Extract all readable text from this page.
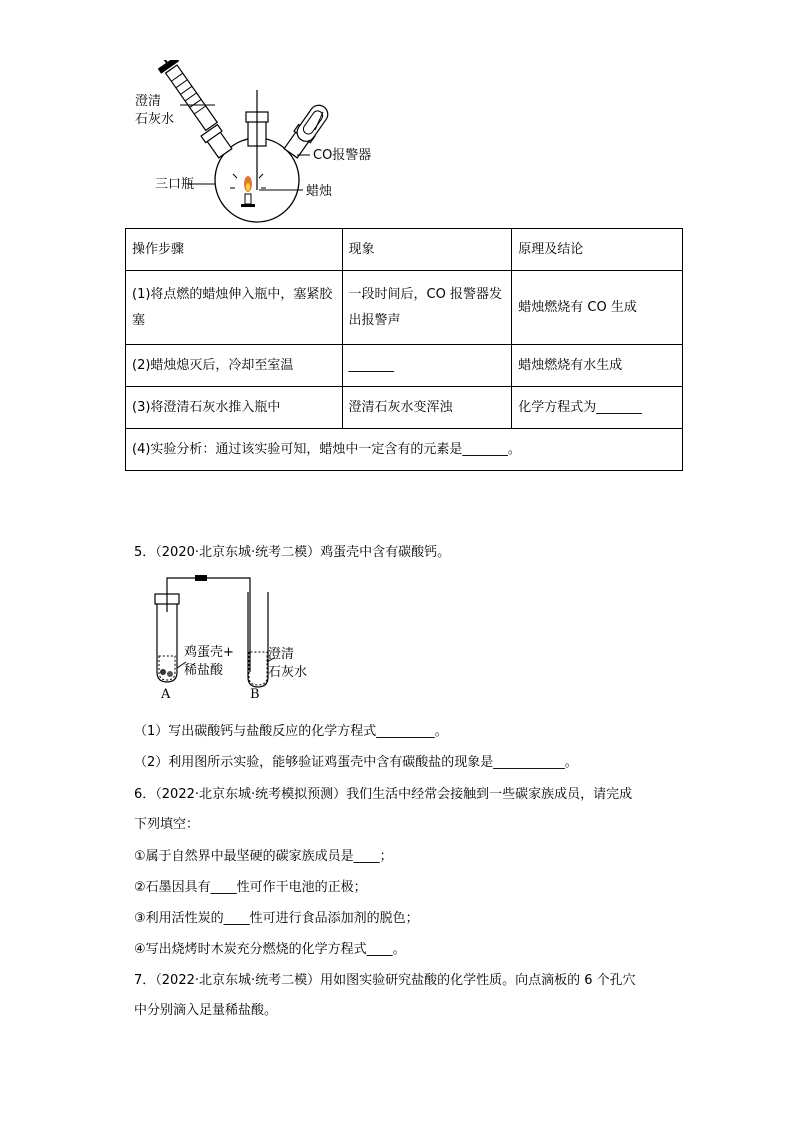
澄清
石灰水
CO报警器
三口瓶	蜡烛
操作步骤	现象	原理及结论
(1)将点燃的蜡烛伸入瓶中，塞紧胶塞	一段时间后，CO 报警器发出报警声	蜡烛燃烧有 CO 生成
(2)蜡烛熄灭后，冷却至室温	_______	蜡烛燃烧有水生成
(3)将澄清石灰水推入瓶中	澄清石灰水变浑浊	化学方程式为_______
(4)实验分析：通过该实验可知，蜡烛中一定含有的元素是_______。		
5．（2020·北京东城·统考二模）鸡蛋壳中含有碳酸钙。
鸡蛋壳+
稀盐酸
澄清
石灰水
A	B
（1）写出碳酸钙与盐酸反应的化学方程式_________。
（2）利用图所示实验，能够验证鸡蛋壳中含有碳酸盐的现象是___________。
6．（2022·北京东城·统考模拟预测）我们生活中经常会接触到一些碳家族成员，请完成
下列填空：
①属于自然界中最坚硬的碳家族成员是____；
②石墨因具有____性可作干电池的正极；
③利用活性炭的____性可进行食品添加剂的脱色；
④写出烧烤时木炭充分燃烧的化学方程式____。
7．（2022·北京东城·统考二模）用如图实验研究盐酸的化学性质。向点滴板的 6 个孔穴
中分别滴入足量稀盐酸。
